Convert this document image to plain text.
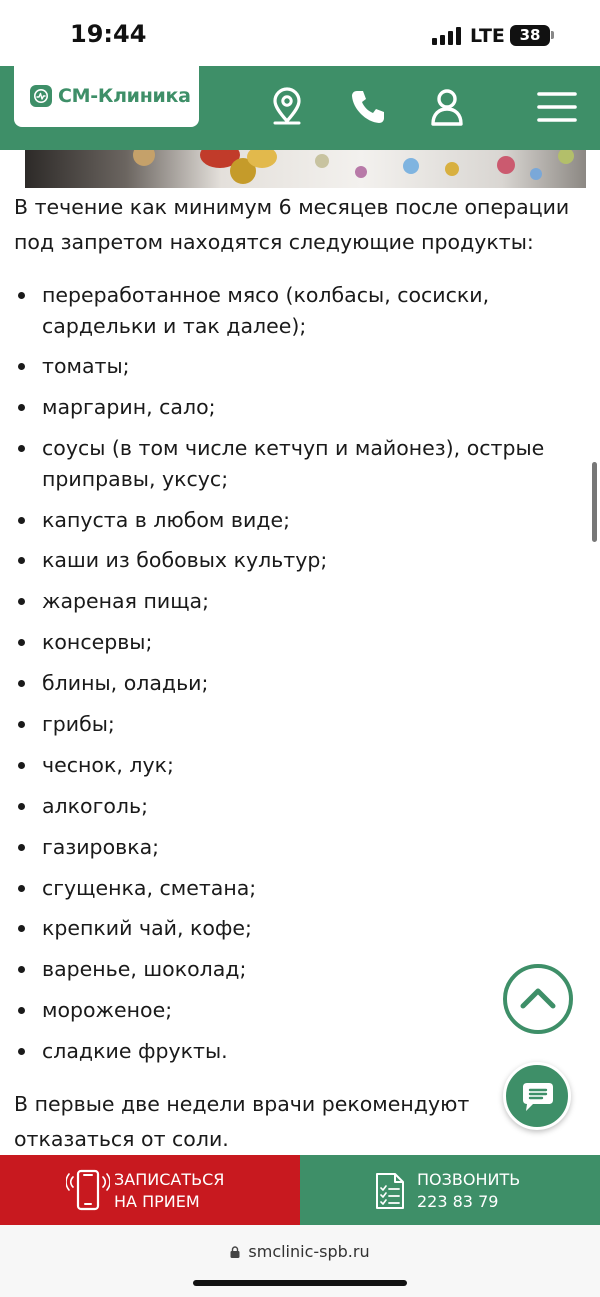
19:44	LTE 38
СМ-Клиника

В течение как минимум 6 месяцев после операции под запретом находятся следующие продукты:

переработанное мясо (колбасы, сосиски, сардельки и так далее);
томаты;
маргарин, сало;
соусы (в том числе кетчуп и майонез), острые приправы, уксус;
капуста в любом виде;
каши из бобовых культур;
жареная пища;
консервы;
блины, оладьи;
грибы;
чеснок, лук;
алкоголь;
газировка;
сгущенка, сметана;
крепкий чай, кофе;
варенье, шоколад;
мороженое;
сладкие фрукты.

В первые две недели врачи рекомендуют отказаться от соли.

ЗАПИСАТЬСЯ
НА ПРИЕМ
ПОЗВОНИТЬ
223 83 79
smclinic-spb.ru
